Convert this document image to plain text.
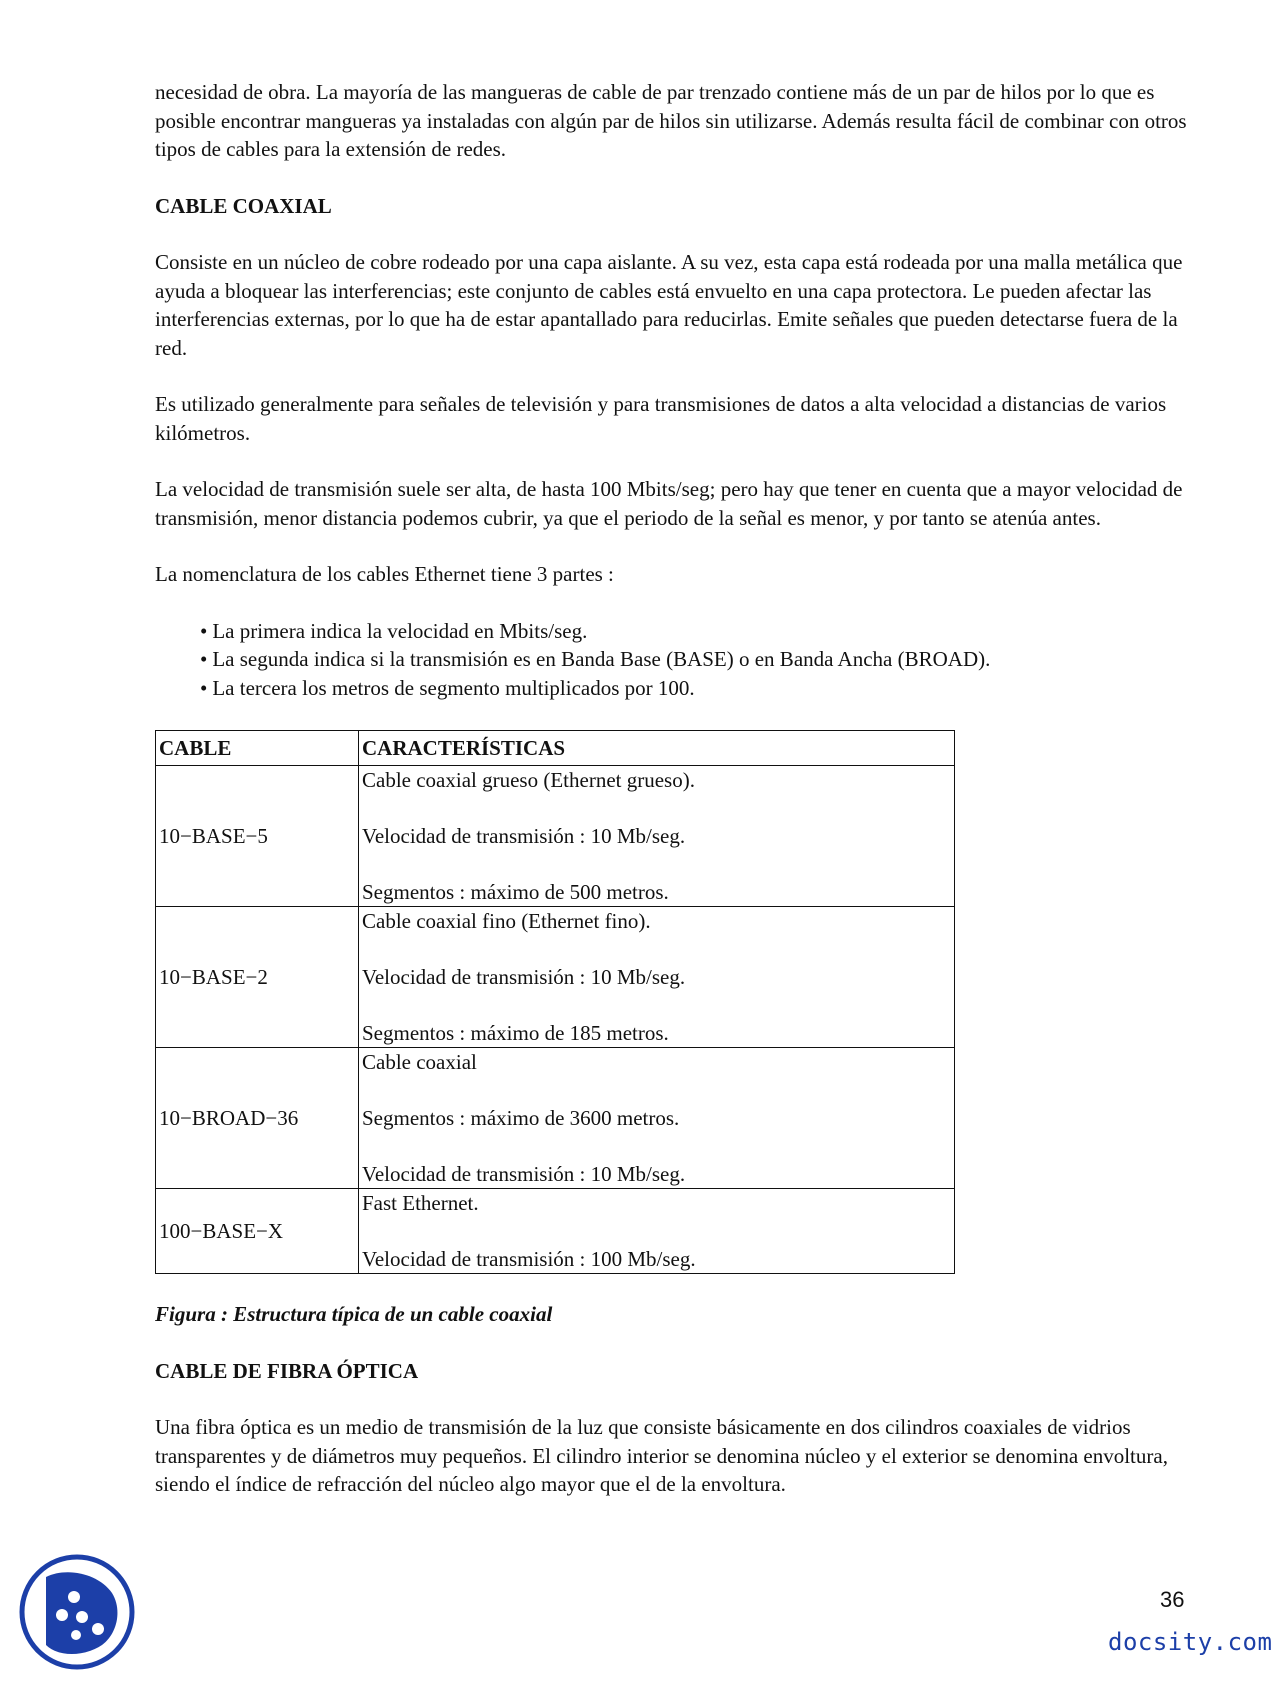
necesidad de obra. La mayoría de las mangueras de cable de par trenzado contiene más de un par de hilos por lo que es posible encontrar mangueras ya instaladas con algún par de hilos sin utilizarse. Además resulta fácil de combinar con otros tipos de cables para la extensión de redes.

CABLE COAXIAL

Consiste en un núcleo de cobre rodeado por una capa aislante. A su vez, esta capa está rodeada por una malla metálica que ayuda a bloquear las interferencias; este conjunto de cables está envuelto en una capa protectora. Le pueden afectar las interferencias externas, por lo que ha de estar apantallado para reducirlas. Emite señales que pueden detectarse fuera de la red.

Es utilizado generalmente para señales de televisión y para transmisiones de datos a alta velocidad a distancias de varios kilómetros.

La velocidad de transmisión suele ser alta, de hasta 100 Mbits/seg; pero hay que tener en cuenta que a mayor velocidad de transmisión, menor distancia podemos cubrir, ya que el periodo de la señal es menor, y por tanto se atenúa antes.

La nomenclatura de los cables Ethernet tiene 3 partes :

• La primera indica la velocidad en Mbits/seg.
• La segunda indica si la transmisión es en Banda Base (BASE) o en Banda Ancha (BROAD).
• La tercera los metros de segmento multiplicados por 100.
CABLE	CARACTERÍSTICAS
10−BASE−5	Cable coaxial grueso (Ethernet grueso).
Velocidad de transmisión : 10 Mb/seg.
Segmentos : máximo de 500 metros.

10−BASE−2	Cable coaxial fino (Ethernet fino).
Velocidad de transmisión : 10 Mb/seg.
Segmentos : máximo de 185 metros.

10−BROAD−36	Cable coaxial
Segmentos : máximo de 3600 metros.
Velocidad de transmisión : 10 Mb/seg.

100−BASE−X	Fast Ethernet.
Velocidad de transmisión : 100 Mb/seg.

Figura : Estructura típica de un cable coaxial

CABLE DE FIBRA ÓPTICA

Una fibra óptica es un medio de transmisión de la luz que consiste básicamente en dos cilindros coaxiales de vidrios transparentes y de diámetros muy pequeños. El cilindro interior se denomina núcleo y el exterior se denomina envoltura, siendo el índice de refracción del núcleo algo mayor que el de la envoltura.

36
docsity.com
